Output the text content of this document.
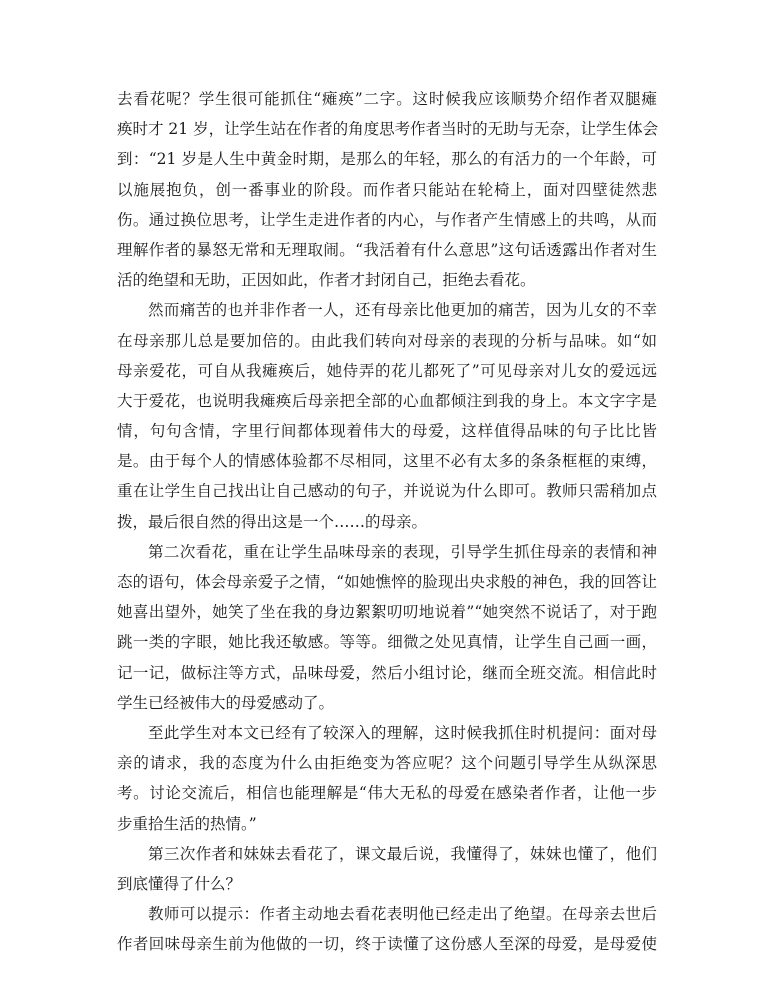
去看花呢？学生很可能抓住“瘫痪”二字。这时候我应该顺势介绍作者双腿瘫
痪时才 21 岁，让学生站在作者的角度思考作者当时的无助与无奈，让学生体会
到：“21 岁是人生中黄金时期，是那么的年轻，那么的有活力的一个年龄，可
以施展抱负，创一番事业的阶段。而作者只能站在轮椅上，面对四壁徒然悲
伤。通过换位思考，让学生走进作者的内心，与作者产生情感上的共鸣，从而
理解作者的暴怒无常和无理取闹。“我活着有什么意思”这句话透露出作者对生
活的绝望和无助，正因如此，作者才封闭自己，拒绝去看花。
然而痛苦的也并非作者一人，还有母亲比他更加的痛苦，因为儿女的不幸
在母亲那儿总是要加倍的。由此我们转向对母亲的表现的分析与品味。如“如
母亲爱花，可自从我瘫痪后，她侍弄的花儿都死了”可见母亲对儿女的爱远远
大于爱花，也说明我瘫痪后母亲把全部的心血都倾注到我的身上。本文字字是
情，句句含情，字里行间都体现着伟大的母爱，这样值得品味的句子比比皆
是。由于每个人的情感体验都不尽相同，这里不必有太多的条条框框的束缚，
重在让学生自己找出让自己感动的句子，并说说为什么即可。教师只需稍加点
拨，最后很自然的得出这是一个……的母亲。
第二次看花，重在让学生品味母亲的表现，引导学生抓住母亲的表情和神
态的语句，体会母亲爱子之情，“如她憔悴的脸现出央求般的神色，我的回答让
她喜出望外，她笑了坐在我的身边絮絮叨叨地说着”“她突然不说话了，对于跑
跳一类的字眼，她比我还敏感。等等。细微之处见真情，让学生自己画一画，
记一记，做标注等方式，品味母爱，然后小组讨论，继而全班交流。相信此时
学生已经被伟大的母爱感动了。
至此学生对本文已经有了较深入的理解，这时候我抓住时机提问：面对母
亲的请求，我的态度为什么由拒绝变为答应呢？这个问题引导学生从纵深思
考。讨论交流后，相信也能理解是“伟大无私的母爱在感染者作者，让他一步
步重拾生活的热情。”
第三次作者和妹妹去看花了，课文最后说，我懂得了，妹妹也懂了，他们
到底懂得了什么？
教师可以提示：作者主动地去看花表明他已经走出了绝望。在母亲去世后
作者回味母亲生前为他做的一切，终于读懂了这份感人至深的母爱，是母爱使
